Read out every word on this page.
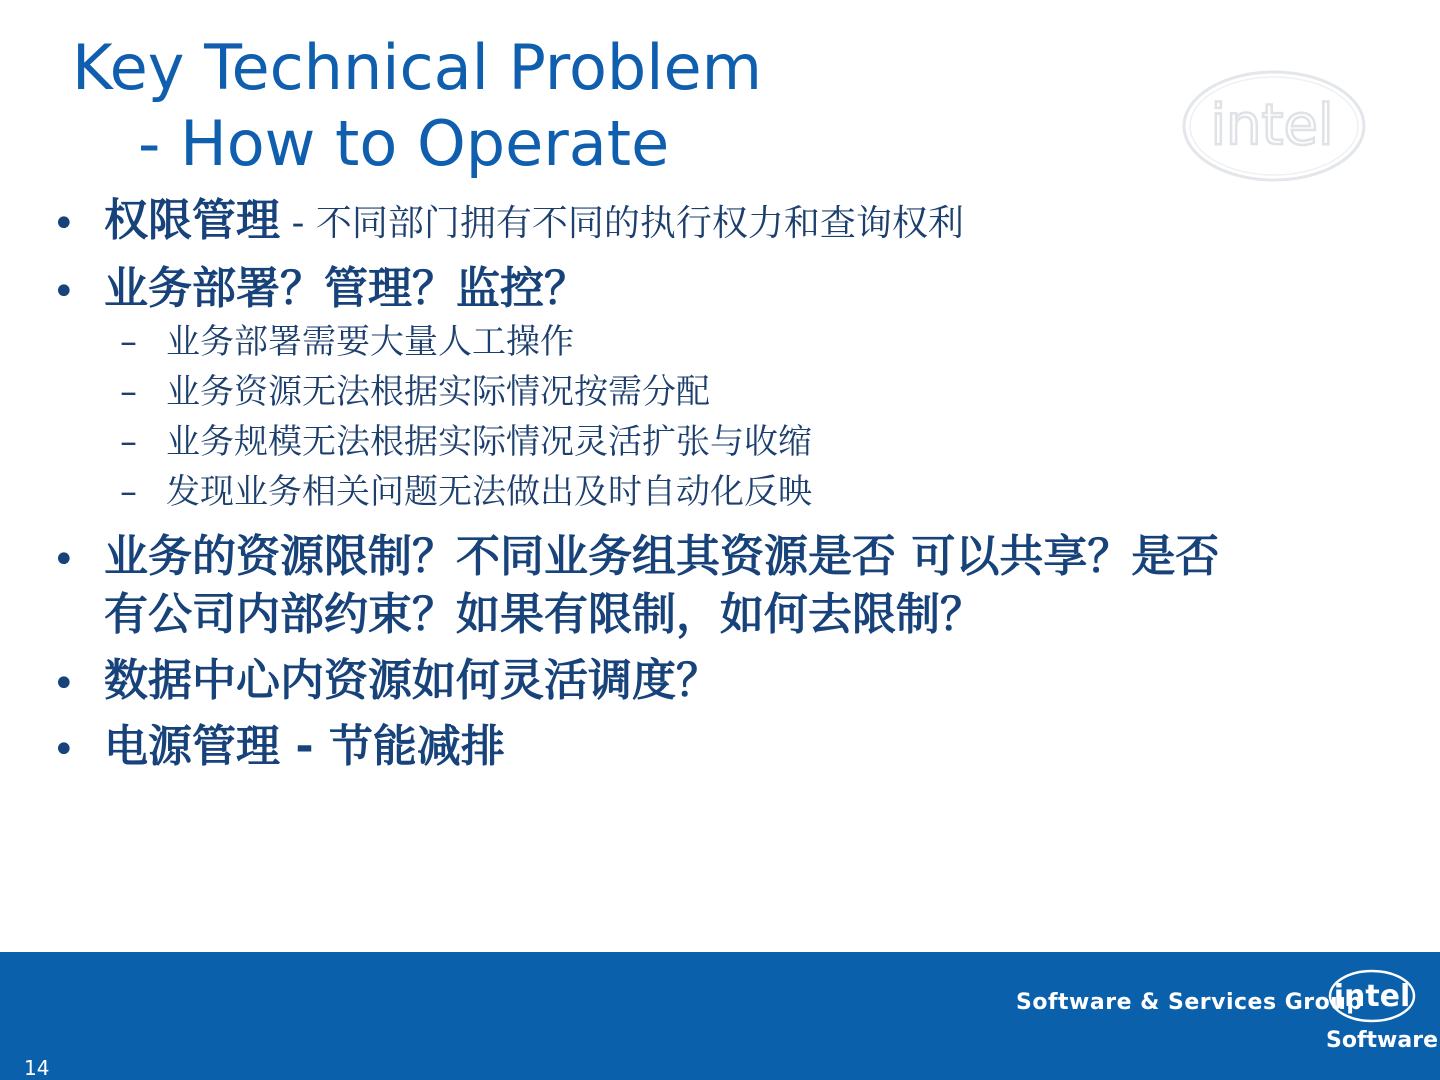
Key Technical Problem
- How to Operate	intel
• 权限管理 - 不同部门拥有不同的执行权力和查询权利
• 业务部署？管理？监控？
– 业务部署需要大量人工操作
– 业务资源无法根据实际情况按需分配
– 业务规模无法根据实际情况灵活扩张与收缩
– 发现业务相关问题无法做出及时自动化反映
• 业务的资源限制？不同业务组其资源是否 可以共享？是否
有公司内部约束？如果有限制，如何去限制？
• 数据中心内资源如何灵活调度？
• 电源管理 - 节能减排
Software & Services Group
intel
Software
14
